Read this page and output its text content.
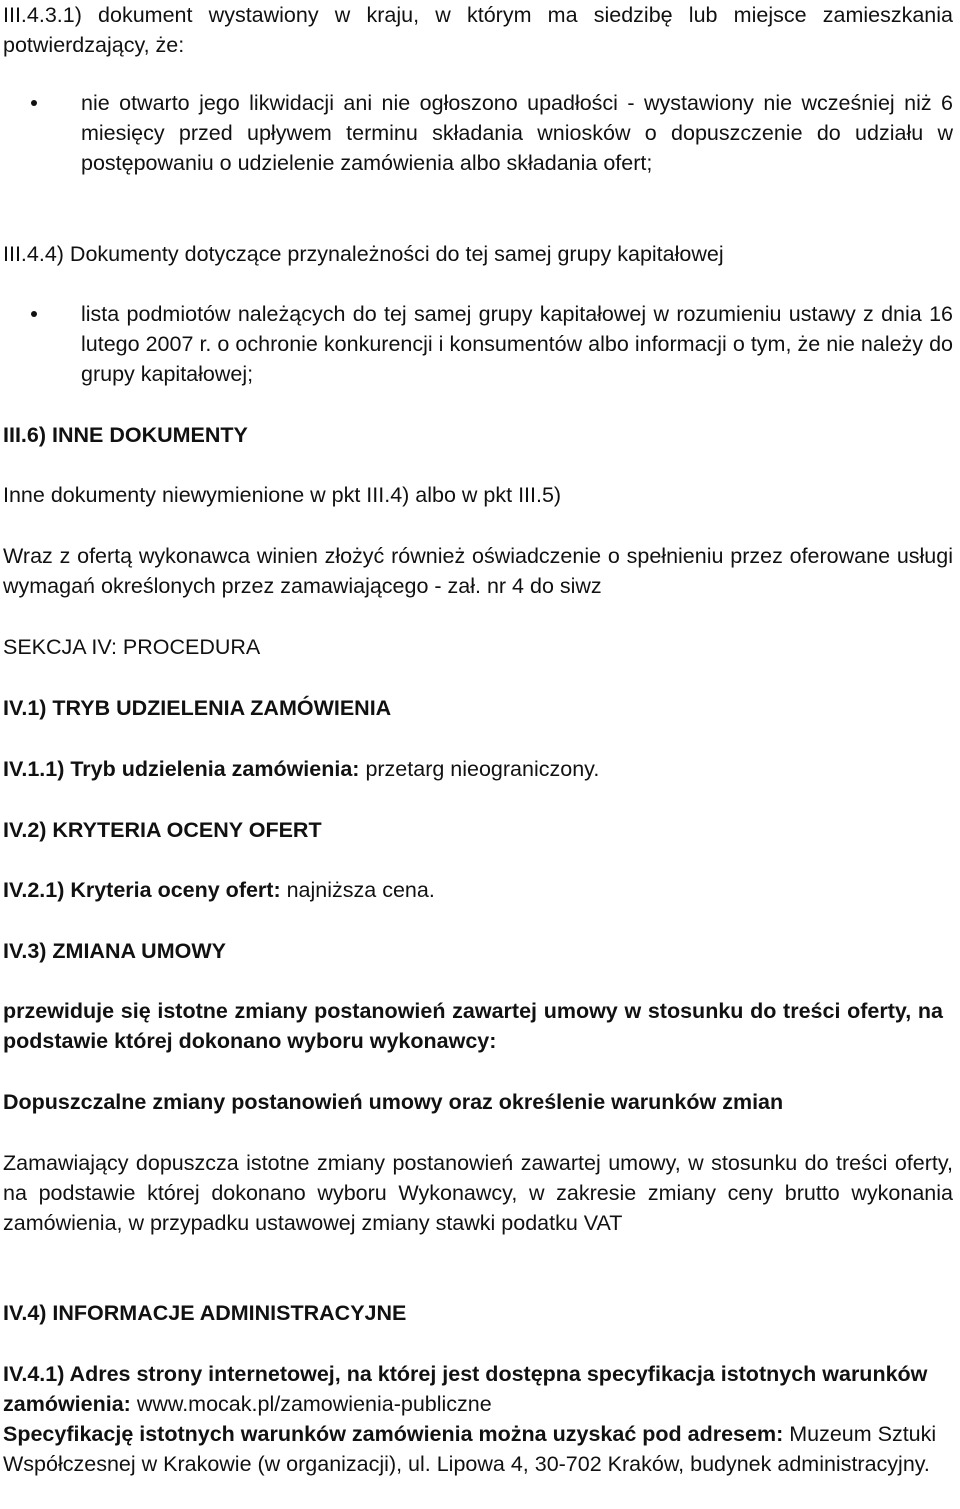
III.4.3.1) dokument wystawiony w kraju, w którym ma siedzibę lub miejsce zamieszkania potwierdzający, że:

nie otwarto jego likwidacji ani nie ogłoszono upadłości - wystawiony nie wcześniej niż 6 miesięcy przed upływem terminu składania wniosków o dopuszczenie do udziału w postępowaniu o udzielenie zamówienia albo składania ofert;

III.4.4) Dokumenty dotyczące przynależności do tej samej grupy kapitałowej

lista podmiotów należących do tej samej grupy kapitałowej w rozumieniu ustawy z dnia 16 lutego 2007 r. o ochronie konkurencji i konsumentów albo informacji o tym, że nie należy do grupy kapitałowej;

III.6) INNE DOKUMENTY

Inne dokumenty niewymienione w pkt III.4) albo w pkt III.5)

Wraz z ofertą wykonawca winien złożyć również oświadczenie o spełnieniu przez oferowane usługi wymagań określonych przez zamawiającego - zał. nr 4 do siwz

SEKCJA IV: PROCEDURA

IV.1) TRYB UDZIELENIA ZAMÓWIENIA

IV.1.1) Tryb udzielenia zamówienia: przetarg nieograniczony.

IV.2) KRYTERIA OCENY OFERT

IV.2.1) Kryteria oceny ofert: najniższa cena.

IV.3) ZMIANA UMOWY

przewiduje się istotne zmiany postanowień zawartej umowy w stosunku do treści oferty, na podstawie której dokonano wyboru wykonawcy:

Dopuszczalne zmiany postanowień umowy oraz określenie warunków zmian

Zamawiający dopuszcza istotne zmiany postanowień zawartej umowy, w stosunku do treści oferty, na podstawie której dokonano wyboru Wykonawcy, w zakresie zmiany ceny brutto wykonania zamówienia, w przypadku ustawowej zmiany stawki podatku VAT

IV.4) INFORMACJE ADMINISTRACYJNE

IV.4.1) Adres strony internetowej, na której jest dostępna specyfikacja istotnych warunków zamówienia: www.mocak.pl/zamowienia-publiczne
Specyfikację istotnych warunków zamówienia można uzyskać pod adresem: Muzeum Sztuki Współczesnej w Krakowie (w organizacji), ul. Lipowa 4, 30-702 Kraków, budynek administracyjny.
